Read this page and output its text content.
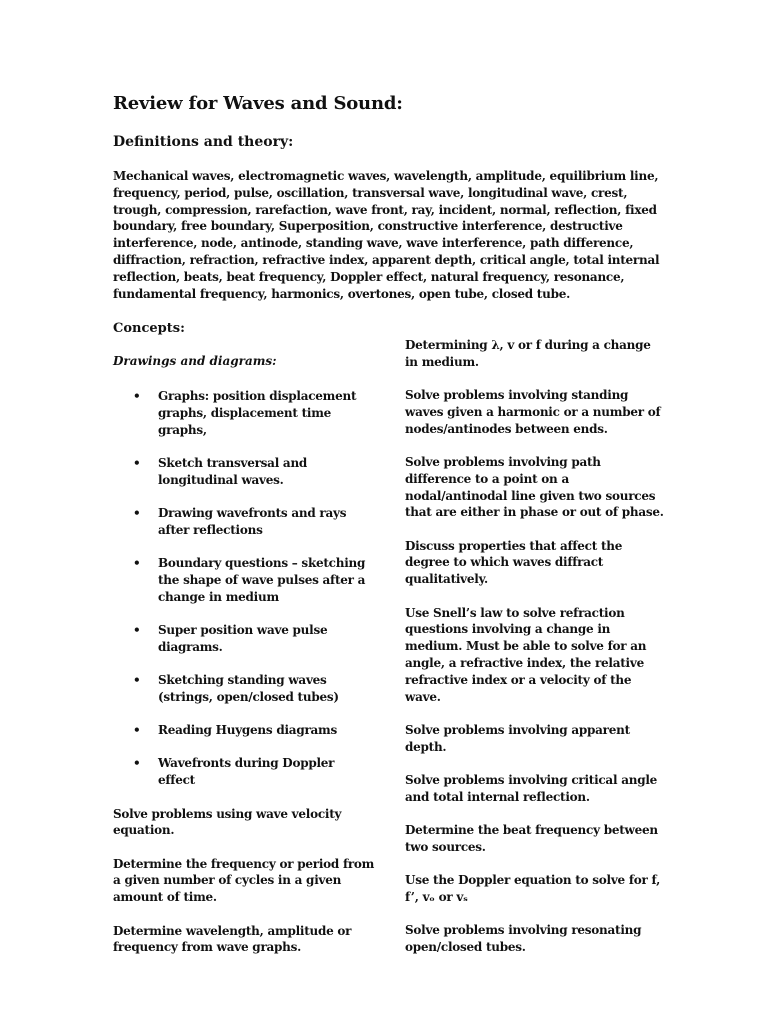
Review for Waves and Sound:
Definitions and theory:

Mechanical waves, electromagnetic waves, wavelength, amplitude, equilibrium line, frequency, period, pulse, oscillation, transversal wave, longitudinal wave, crest, trough, compression, rarefaction, wave front, ray, incident, normal, reflection, fixed boundary, free boundary, Superposition, constructive interference, destructive interference, node, antinode, standing wave, wave interference, path difference, diffraction, refraction, refractive index, apparent depth, critical angle, total internal reflection, beats, beat frequency, Doppler effect, natural frequency, resonance, fundamental frequency, harmonics, overtones, open tube, closed tube.

Concepts:
Drawings and diagrams:
• Graphs: position displacement graphs, displacement time graphs,
• Sketch transversal and longitudinal waves.
• Drawing wavefronts and rays after reflections
• Boundary questions – sketching the shape of wave pulses after a change in medium
• Super position wave pulse diagrams.
• Sketching standing waves (strings, open/closed tubes)
• Reading Huygens diagrams
• Wavefronts during Doppler effect

Solve problems using wave velocity equation.

Determine the frequency or period from a given number of cycles in a given amount of time.

Determine wavelength, amplitude or frequency from wave graphs.

Determining λ, v or f during a change in medium.

Solve problems involving standing waves given a harmonic or a number of nodes/antinodes between ends.

Solve problems involving path difference to a point on a nodal/antinodal line given two sources that are either in phase or out of phase.

Discuss properties that affect the degree to which waves diffract qualitatively.

Use Snell’s law to solve refraction questions involving a change in medium. Must be able to solve for an angle, a refractive index, the relative refractive index or a velocity of the wave.

Solve problems involving apparent depth.

Solve problems involving critical angle and total internal reflection.

Determine the beat frequency between two sources.

Use the Doppler equation to solve for f, f’, vₒ or vₛ

Solve problems involving resonating open/closed tubes.
